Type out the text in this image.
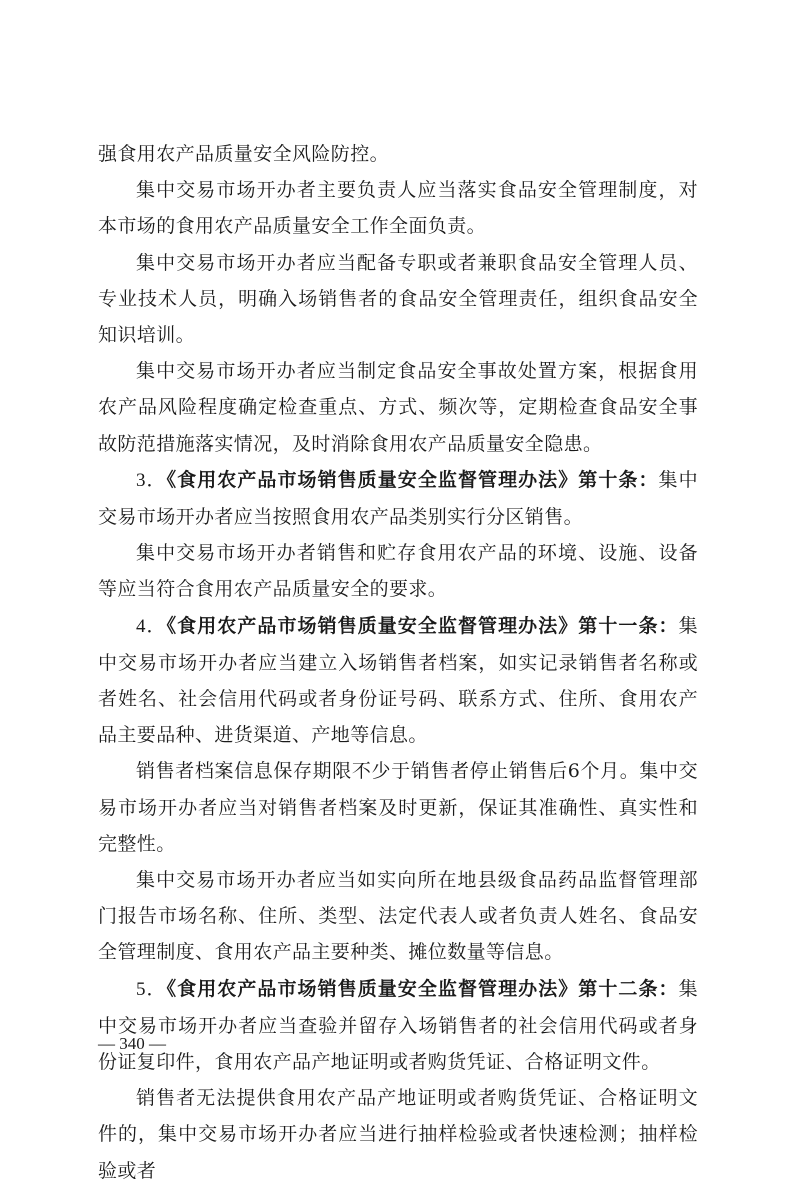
强食用农产品质量安全风险防控。

集中交易市场开办者主要负责人应当落实食品安全管理制度，对本市场的食用农产品质量安全工作全面负责。

集中交易市场开办者应当配备专职或者兼职食品安全管理人员、专业技术人员，明确入场销售者的食品安全管理责任，组织食品安全知识培训。

集中交易市场开办者应当制定食品安全事故处置方案，根据食用农产品风险程度确定检查重点、方式、频次等，定期检查食品安全事故防范措施落实情况，及时消除食用农产品质量安全隐患。

3．《食用农产品市场销售质量安全监督管理办法》第十条：集中交易市场开办者应当按照食用农产品类别实行分区销售。

集中交易市场开办者销售和贮存食用农产品的环境、设施、设备等应当符合食用农产品质量安全的要求。

4．《食用农产品市场销售质量安全监督管理办法》第十一条：集中交易市场开办者应当建立入场销售者档案，如实记录销售者名称或者姓名、社会信用代码或者身份证号码、联系方式、住所、食用农产品主要品种、进货渠道、产地等信息。

销售者档案信息保存期限不少于销售者停止销售后6个月。集中交易市场开办者应当对销售者档案及时更新，保证其准确性、真实性和完整性。

集中交易市场开办者应当如实向所在地县级食品药品监督管理部门报告市场名称、住所、类型、法定代表人或者负责人姓名、食品安全管理制度、食用农产品主要种类、摊位数量等信息。

5．《食用农产品市场销售质量安全监督管理办法》第十二条：集中交易市场开办者应当查验并留存入场销售者的社会信用代码或者身份证复印件，食用农产品产地证明或者购货凭证、合格证明文件。

销售者无法提供食用农产品产地证明或者购货凭证、合格证明文件的，集中交易市场开办者应当进行抽样检验或者快速检测；抽样检验或者

— 340 —
